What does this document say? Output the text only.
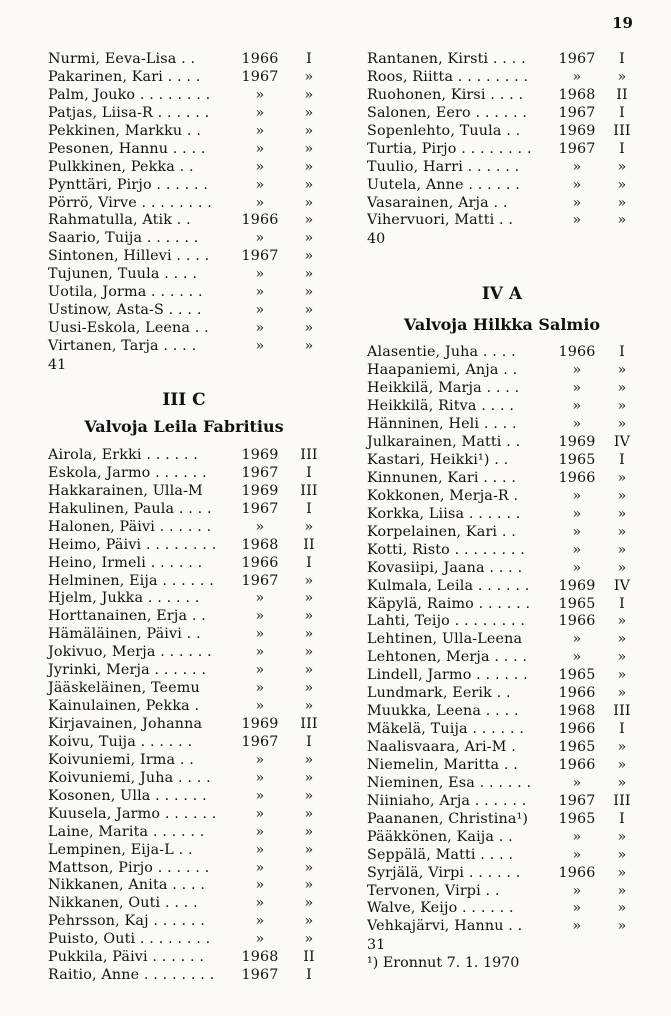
19
Nurmi, Eeva-Lisa . .	1966	I
Pakarinen, Kari . . . .	1967	»
Palm, Jouko . . . . . . . .	»	»
Patjas, Liisa-R . . . . . .	»	»
Pekkinen, Markku . .	»	»
Pesonen, Hannu . . . .	»	»
Pulkkinen, Pekka . .	»	»
Pynttäri, Pirjo . . . . . .	»	»
Pörrö, Virve . . . . . . . .	»	»
Rahmatulla, Atik . .	1966	»
Saario, Tuija . . . . . .	»	»
Sintonen, Hillevi . . . . 1967	»
Tujunen, Tuula . . . .	»	»
Uotila, Jorma . . . . . .	»	»
Ustinow, Asta-S . . . .	»	»
Uusi-Eskola, Leena . .	»	»
Virtanen, Tarja . . . .	»	»
41
III C
Valvoja Leila Fabritius
Airola, Erkki . . . . . .	1969	III
Eskola, Jarmo . . . . . . 1967	I
Hakkarainen, Ulla-M	1969	III
Hakulinen, Paula . . . . 1967	I
Halonen, Päivi . . . . . .	»	»
Heimo, Päivi . . . . . . . . 1968	II
Heino, Irmeli . . . . . .	1966	I
Helminen, Eija . . . . . . 1967	»
Hjelm, Jukka . . . . . .	»	»
Horttanainen, Erja . .	»	»
Hämäläinen, Päivi . .	»	»
Jokivuo, Merja . . . . . .	»	»
Jyrinki, Merja . . . . . .	»	»
Jääskeläinen, Teemu	»	»
Kainulainen, Pekka .	»	»
Kirjavainen, Johanna	1969	III
Koivu, Tuija . . . . . .	1967	I
Koivuniemi, Irma . .	»	»
Koivuniemi, Juha . . . .	»	»
Kosonen, Ulla . . . . . .	»	»
Kuusela, Jarmo . . . . . .	»	»
Laine, Marita . . . . . .	»	»
Lempinen, Eija-L . .	»	»
Mattson, Pirjo . . . . . .	»	»
Nikkanen, Anita . . . .	»	»
Nikkanen, Outi . . . .	»	»
Pehrsson, Kaj . . . . . .	»	»
Puisto, Outi . . . . . . . .	»	»
Pukkila, Päivi . . . . . .	1968	II
Raitio, Anne . . . . . . . . 1967	I
Rantanen, Kirsti . . . . 1967	I
Roos, Riitta . . . . . . . .	»	»
Ruohonen, Kirsi . . . . 1968	II
Salonen, Eero . . . . . . 1967	I
Sopenlehto, Tuula . .	1969	III
Turtia, Pirjo . . . . . . . . 1967	I
Tuulio, Harri . . . . . .	»	»
Uutela, Anne . . . . . .	»	»
Vasarainen, Arja . .	»	»
Vihervuori, Matti . .	»	»
40
IV A
Valvoja Hilkka Salmio
Alasentie, Juha . . . .	1966	I
Haapaniemi, Anja . .	»	»
Heikkilä, Marja . . . .	»	»
Heikkilä, Ritva . . . .	»	»
Hänninen, Heli . . . .	»	»
Julkarainen, Matti . .	1969	IV
Kastari, Heikki¹) . .	1965	I
Kinnunen, Kari . . . .	1966	»
Kokkonen, Merja-R .	»	»
Korkka, Liisa . . . . . .	»	»
Korpelainen, Kari . .	»	»
Kotti, Risto . . . . . . . .	»	»
Kovasiipi, Jaana . . . .	»	»
Kulmala, Leila . . . . . . 1969	IV
Käpylä, Raimo . . . . . . 1965	I
Lahti, Teijo . . . . . . . . 1966	»
Lehtinen, Ulla-Leena	»	»
Lehtonen, Merja . . . .	»	»
Lindell, Jarmo . . . . . . 1965	»
Lundmark, Eerik . .	1966	»
Muukka, Leena . . . .	1968	III
Mäkelä, Tuija . . . . . . 1966	I
Naalisvaara, Ari-M .	1965	»
Niemelin, Maritta . .	1966	»
Nieminen, Esa . . . . . .	»	»
Niiniaho, Arja . . . . . . 1967	III
Paananen, Christina¹) 1965	I
Pääkkönen, Kaija . .	»	»
Seppälä, Matti . . . .	»	»
Syrjälä, Virpi . . . . . .	1966	»
Tervonen, Virpi . .	»	»
Walve, Keijo . . . . . .	»	»
Vehkajärvi, Hannu . .	»	»
31
¹) Eronnut 7. 1. 1970
